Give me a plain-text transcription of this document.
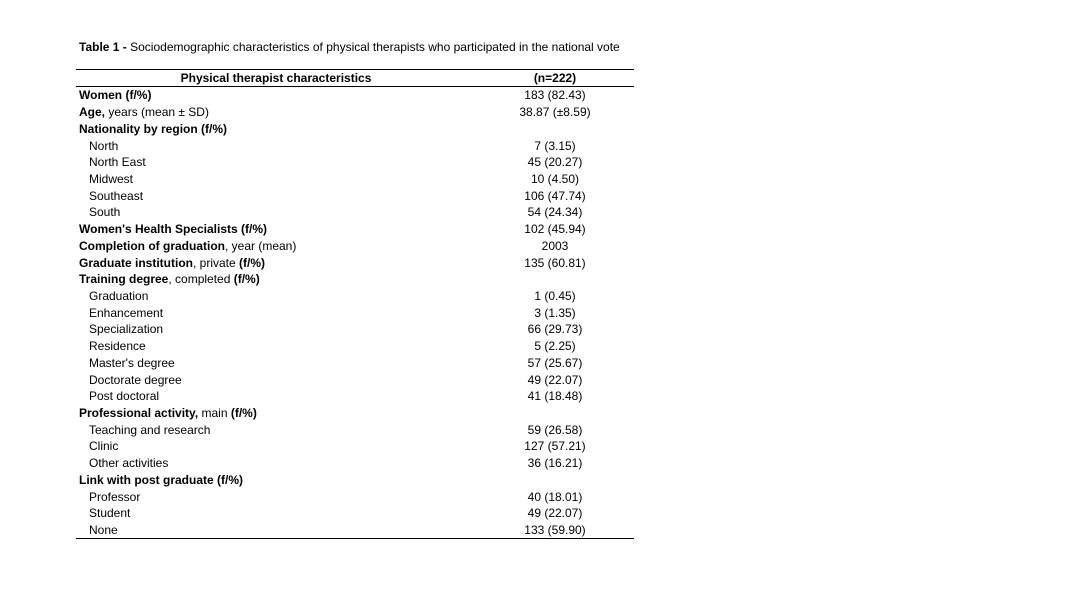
Table 1 - Sociodemographic characteristics of physical therapists who participated in the national vote
Physical therapist characteristics	(n=222)
Women (f/%)	183 (82.43)
Age, years (mean ± SD)	38.87 (±8.59)
Nationality by region (f/%)
North	7 (3.15)
North East	45 (20.27)
Midwest	10 (4.50)
Southeast	106 (47.74)
South	54 (24.34)
Women's Health Specialists (f/%)	102 (45.94)
Completion of graduation, year (mean)	2003
Graduate institution, private (f/%)	135 (60.81)
Training degree, completed (f/%)
Graduation	1 (0.45)
Enhancement	3 (1.35)
Specialization	66 (29.73)
Residence	5 (2.25)
Master's degree	57 (25.67)
Doctorate degree	49 (22.07)
Post doctoral	41 (18.48)
Professional activity, main (f/%)
Teaching and research	59 (26.58)
Clinic	127 (57.21)
Other activities	36 (16.21)
Link with post graduate (f/%)
Professor	40 (18.01)
Student	49 (22.07)
None	133 (59.90)
